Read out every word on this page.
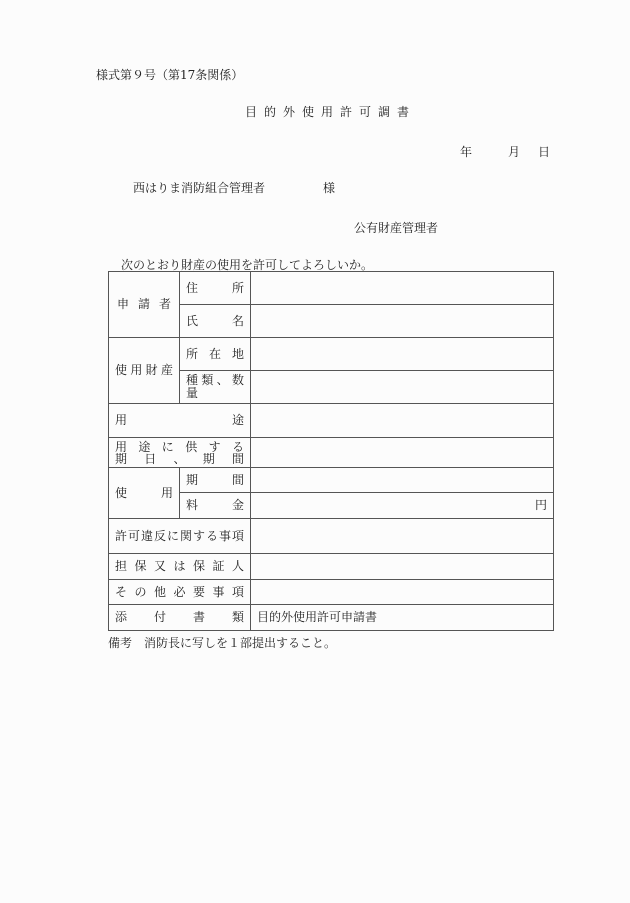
様式第９号（第17条関係）
目的外使用許可調書
年	月 日
西はりま消防組合管理者	様
公有財産管理者
次のとおり財産の使用を許可してよろしいか。
申請者	住所	
	氏名	
使用財産	所在地	
	種類、数量	
用途		

用途に供する
期日、期間		

使用	期間	
	料金	円
許可違反に関する事項		
担保又は保証人		
その他必要事項		
添付書類		目的外使用許可申請書
備考 消防長に写しを１部提出すること。
